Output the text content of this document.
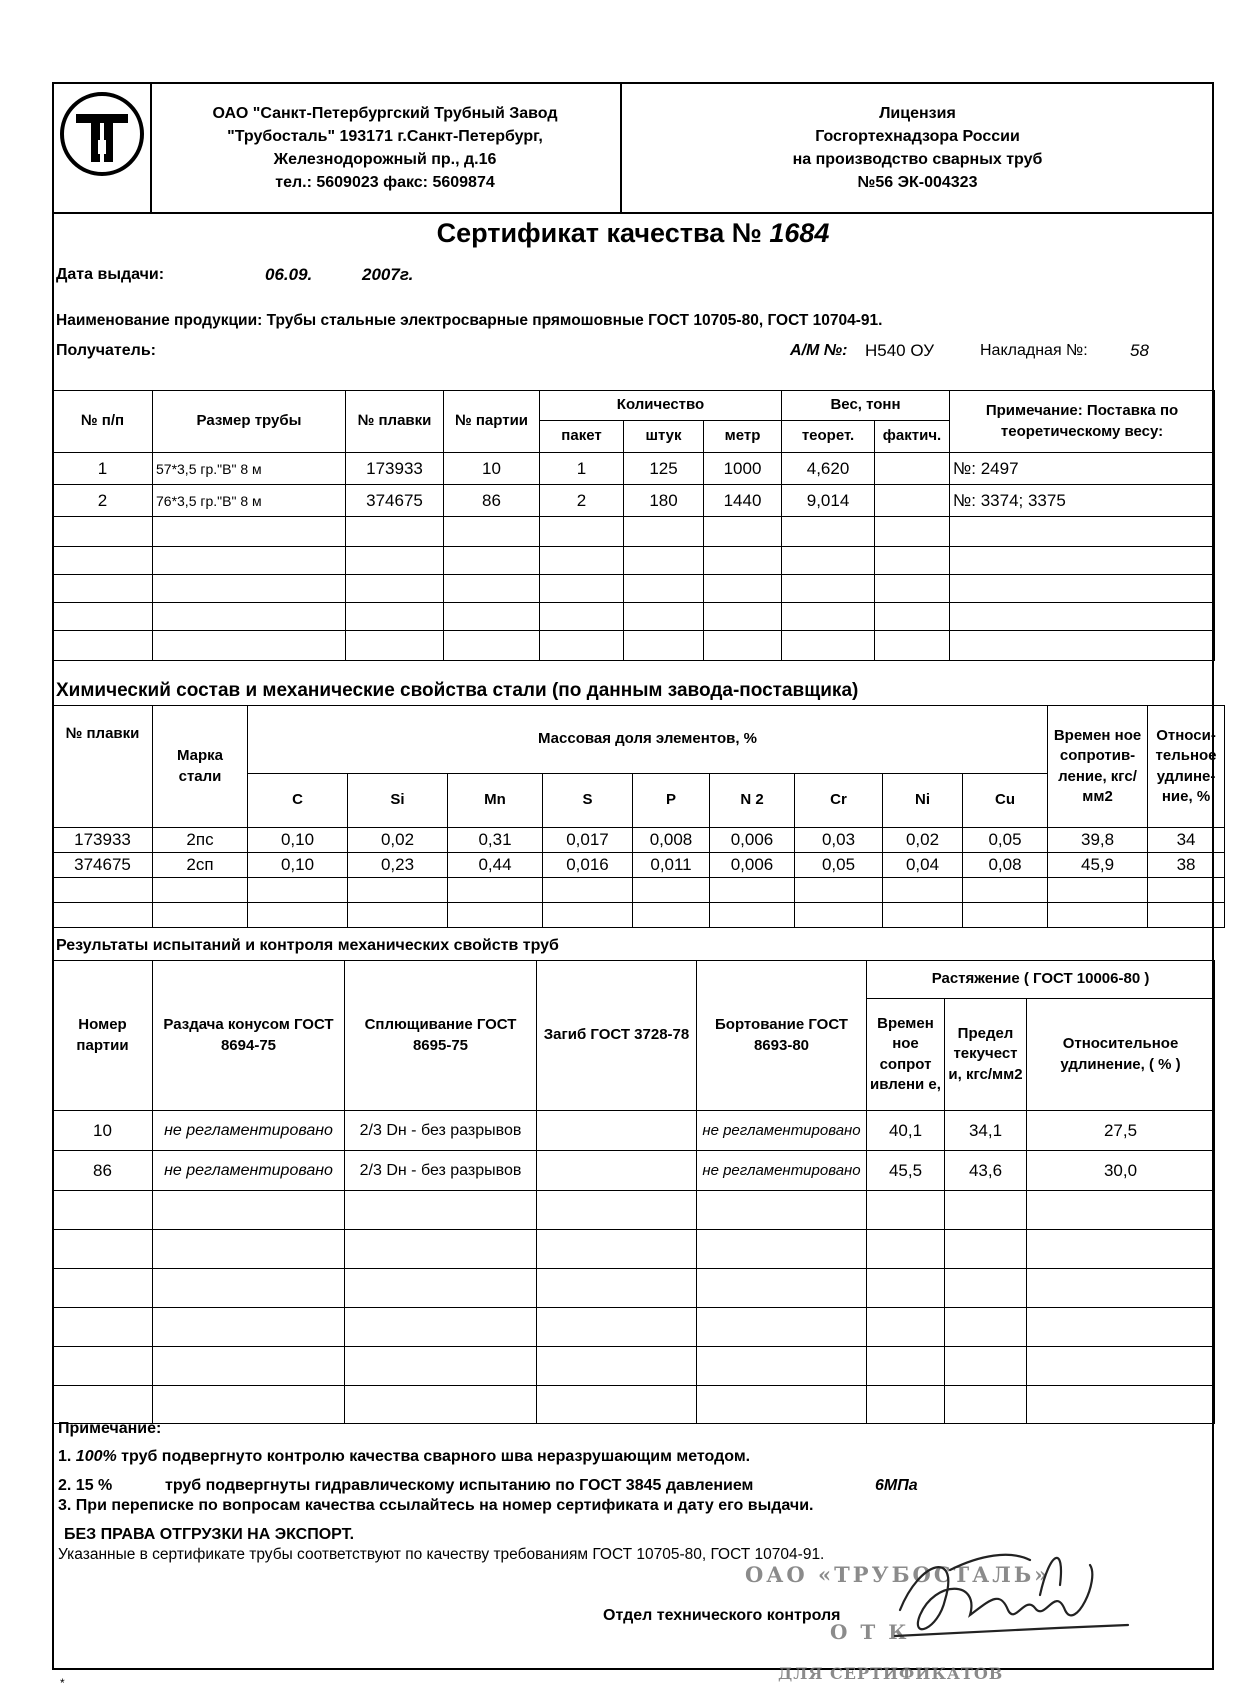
ОАО "Санкт-Петербургский Трубный Завод
"Трубосталь" 193171 г.Санкт-Петербург,
Железнодорожный пр., д.16
тел.: 5609023 факс: 5609874
Лицензия
Госгортехнадзора России
на производство сварных труб
№56 ЭК-004323
Сертификат качества № 1684
Дата выдачи:	06.09.	2007г.
Наименование продукции: Трубы стальные электросварные прямошовные ГОСТ 10705-80, ГОСТ 10704-91.
Получатель:	А/М №: Н540 ОУ	Накладная №: 58
№ п/п	Размер трубы	№ плавки	№ партии	Количество			Вес, тонн		Примечание: Поставка по теоретическому весу:
				пакет	штук	метр	теорет.	фактич.	
1	57*3,5 гр."В" 8 м	173933	10	1	125	1000	4,620		№: 2497
2	76*3,5 гр."В" 8 м	374675	86	2	180	1440	9,014		№: 3374; 3375

Химический состав и механические свойства стали (по данным завода-поставщика)
№ плавки	Марка стали	Массовая доля элементов, %									Времен ное сопротив- ление, кгс/мм2	Относи- тельное удлине- ние, %
		C	Si	Mn	S	P	N 2	Cr	Ni	Cu		
173933	2пс	0,10	0,02	0,31	0,017	0,008	0,006	0,03	0,02	0,05	39,8	34
374675	2сп	0,10	0,23	0,44	0,016	0,011	0,006	0,05	0,04	0,08	45,9	38

Результаты испытаний и контроля механических свойств труб
Номер партии	Раздача конусом ГОСТ 8694-75	Сплющивание ГОСТ 8695-75	Загиб ГОСТ 3728-78	Бортование ГОСТ 8693-80	Растяжение ( ГОСТ 10006-80 )		
					Времен ное сопрот ивлени е,	Предел текучест и, кгс/мм2	Относительное удлинение, ( % )
10	не регламентировано	2/3 Dн - без разрывов		не регламентировано	40,1	34,1	27,5
86	не регламентировано	2/3 Dн - без разрывов		не регламентировано	45,5	43,6	30,0

Примечание:
1. 100% труб подвергнуто контролю качества сварного шва неразрушающим методом.
2. 15 %	труб подвергнуты гидравлическому испытанию по ГОСТ 3845 давлением	6МПа
3. При переписке по вопросам качества ссылайтесь на номер сертификата и дату его выдачи.
БЕЗ ПРАВА ОТГРУЗКИ НА ЭКСПОРТ.
Указанные в сертификате трубы соответствуют по качеству требованиям ГОСТ 10705-80, ГОСТ 10704-91.
Отдел технического контроля
*
ОАО «ТРУБОСТАЛЬ»
О Т К
ДЛЯ СЕРТИФИКАТОВ
